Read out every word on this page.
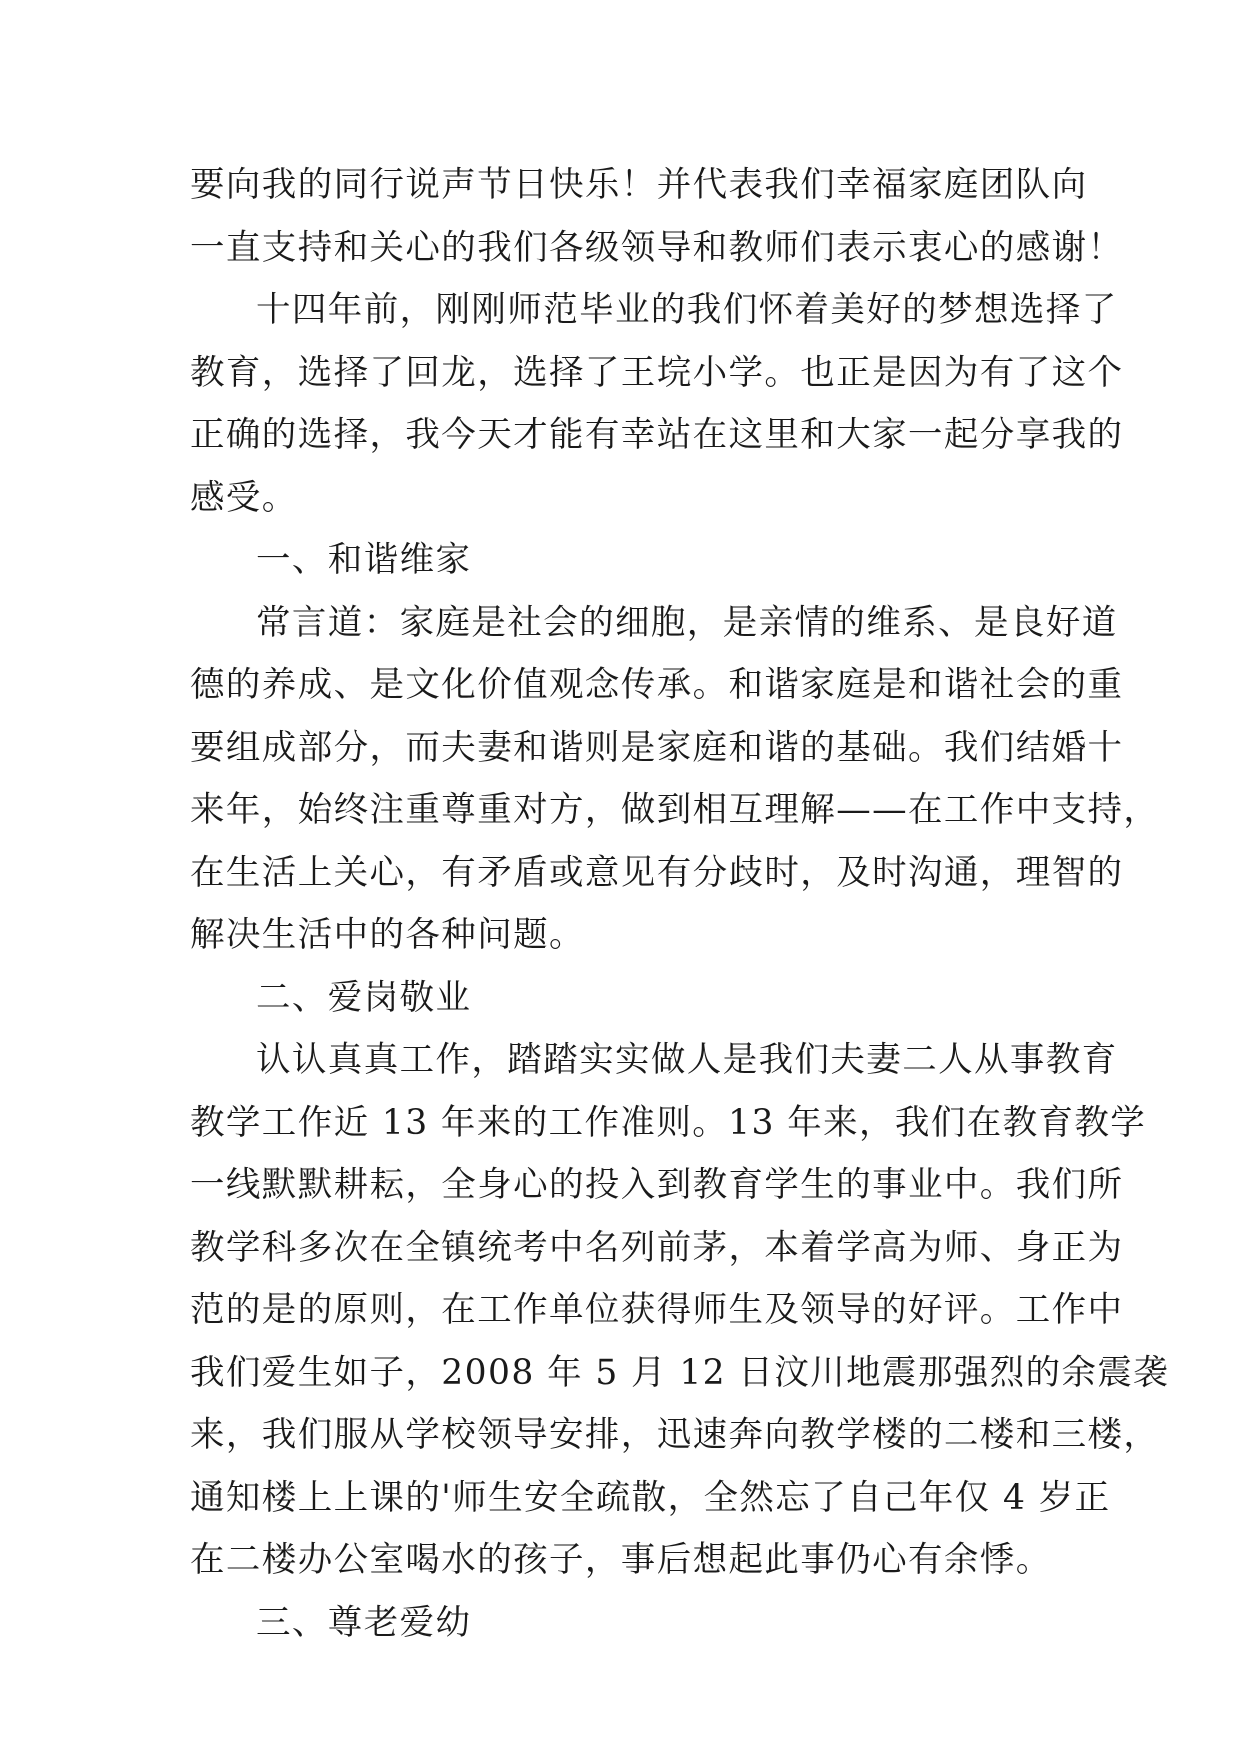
要向我的同行说声节日快乐！并代表我们幸福家庭团队向
一直支持和关心的我们各级领导和教师们表示衷心的感谢！
十四年前，刚刚师范毕业的我们怀着美好的梦想选择了
教育，选择了回龙，选择了王垸小学。也正是因为有了这个
正确的选择，我今天才能有幸站在这里和大家一起分享我的
感受。
一、和谐维家
常言道：家庭是社会的细胞，是亲情的维系、是良好道
德的养成、是文化价值观念传承。和谐家庭是和谐社会的重
要组成部分，而夫妻和谐则是家庭和谐的基础。我们结婚十
来年，始终注重尊重对方，做到相互理解——在工作中支持，
在生活上关心，有矛盾或意见有分歧时，及时沟通，理智的
解决生活中的各种问题。
二、爱岗敬业
认认真真工作，踏踏实实做人是我们夫妻二人从事教育
教学工作近 13 年来的工作准则。13 年来，我们在教育教学
一线默默耕耘，全身心的投入到教育学生的事业中。我们所
教学科多次在全镇统考中名列前茅，本着学高为师、身正为
范的是的原则，在工作单位获得师生及领导的好评。工作中
我们爱生如子，2008 年 5 月 12 日汶川地震那强烈的余震袭
来，我们服从学校领导安排，迅速奔向教学楼的二楼和三楼，
通知楼上上课的'师生安全疏散，全然忘了自己年仅 4 岁正
在二楼办公室喝水的孩子，事后想起此事仍心有余悸。
三、尊老爱幼
